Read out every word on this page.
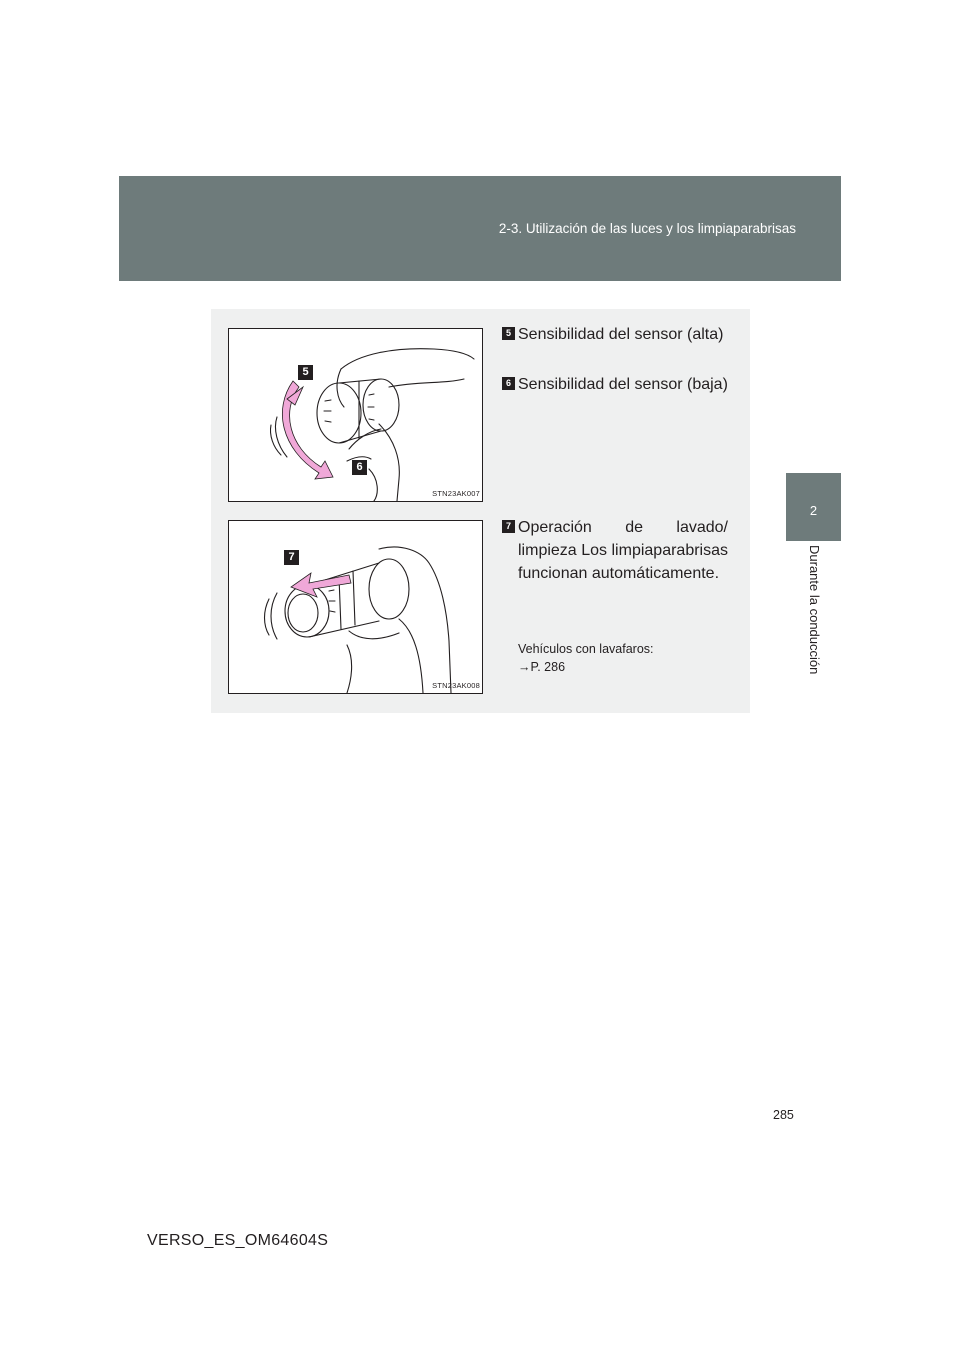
2-3. Utilización de las luces y los limpiaparabrisas
2
Durante la conducción
5
6
STN23AK007
7
STN23AK008
5 Sensibilidad del sensor (alta)
6 Sensibilidad del sensor (baja)
7 Operación de lavado/ limpieza Los limpiaparabrisas funcionan automáticamente.
Vehículos con lavafaros:
→P. 286
285
VERSO_ES_OM64604S
